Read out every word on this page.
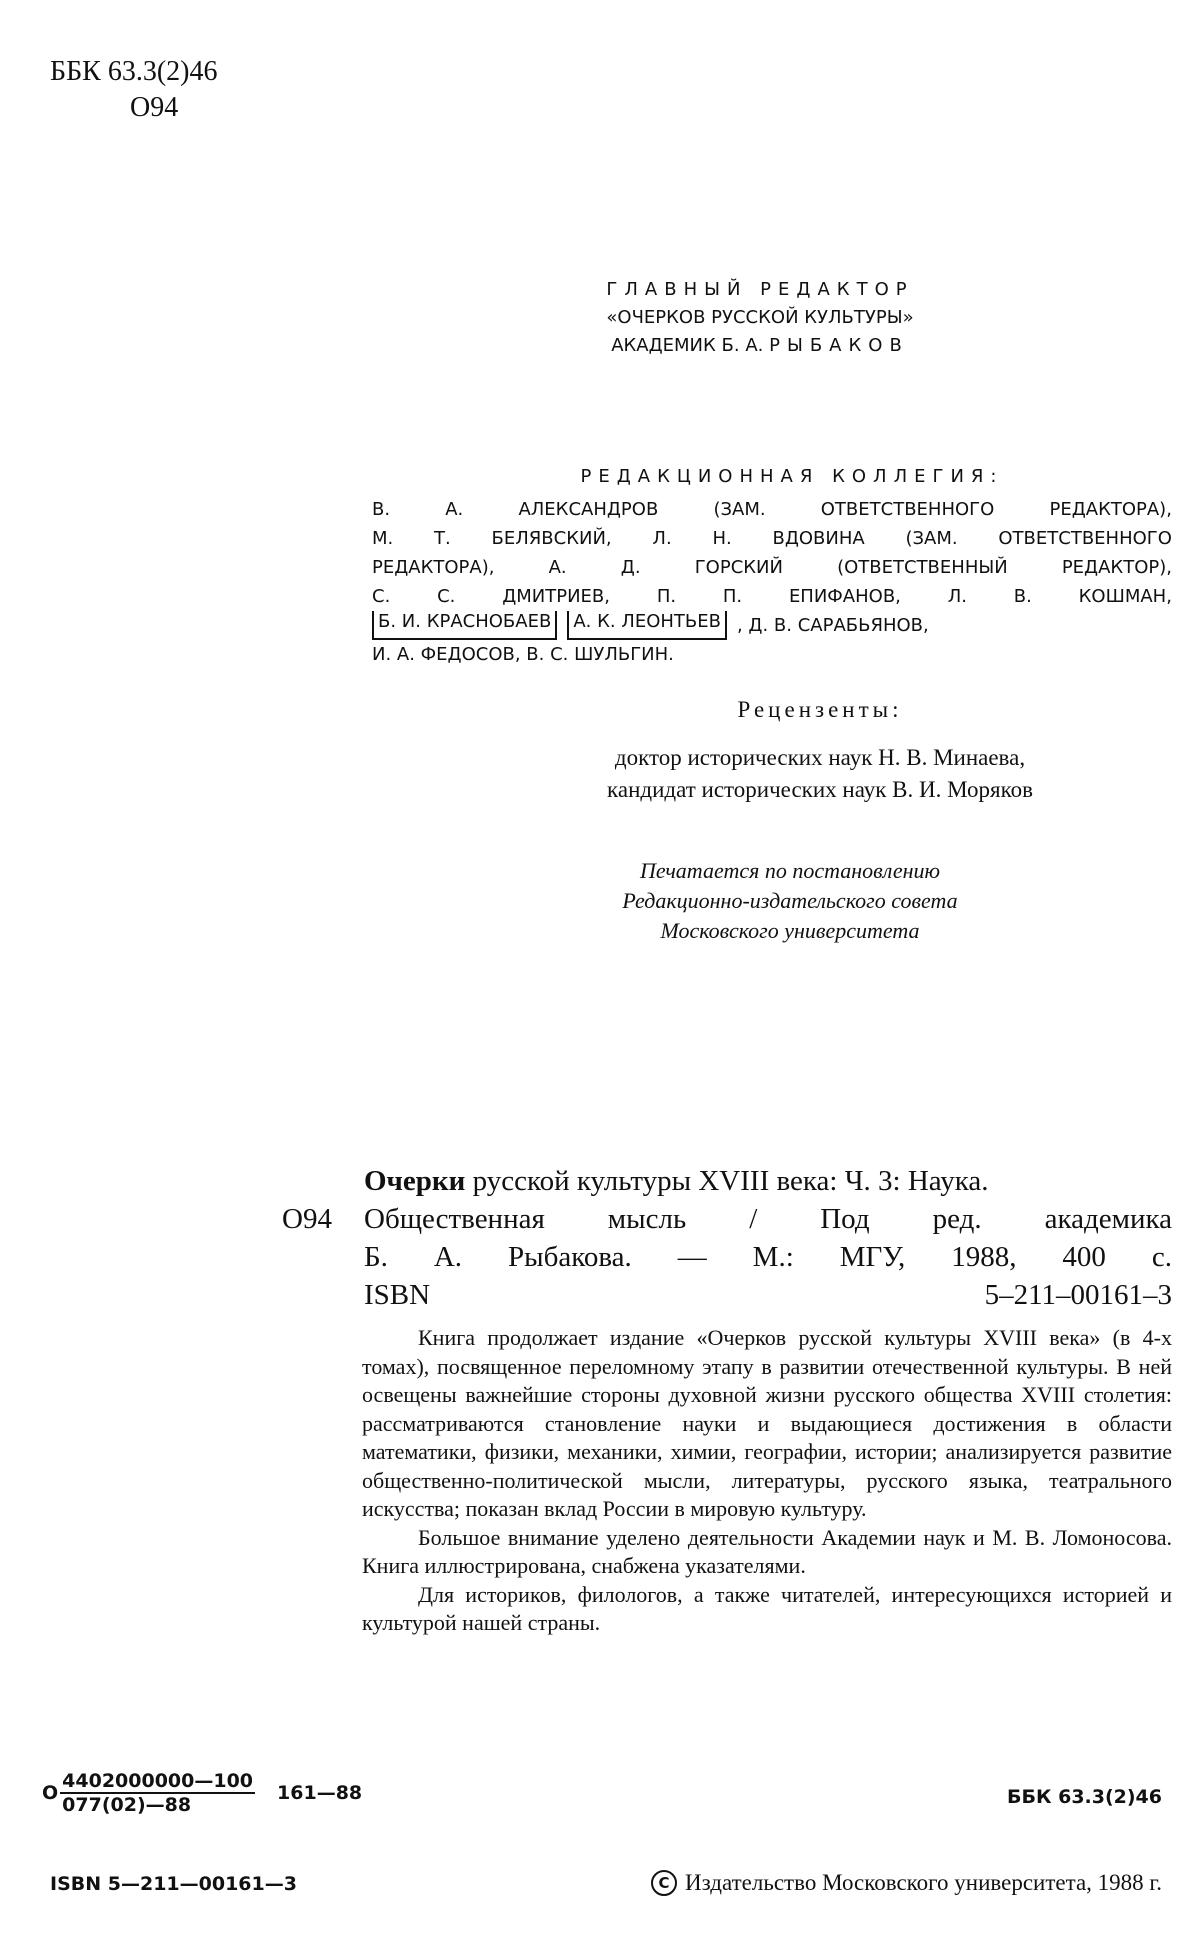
ББК 63.3(2)46
О94
ГЛАВНЫЙ РЕДАКТОР
«ОЧЕРКОВ РУССКОЙ КУЛЬТУРЫ»
АКАДЕМИК Б. А. РЫБАКОВ
РЕДАКЦИОННАЯ КОЛЛЕГИЯ:
В.	А.	АЛЕКСАНДРОВ	(ЗАМ.	ОТВЕТСТВЕННОГО	РЕДАКТОРА),
М. Т. БЕЛЯВСКИЙ, Л. Н. ВДОВИНА (ЗАМ. ОТВЕТСТВЕННОГО
РЕДАКТОРА),	А.	Д.	ГОРСКИЙ	(ОТВЕТСТВЕННЫЙ	РЕДАКТОР),
С.	С.	ДМИТРИЕВ,	П.	П.	ЕПИФАНОВ,	Л.	В.	КОШМАН,
Б. И. КРАСНОБАЕВ	А. К. ЛЕОНТЬЕВ , Д. В. САРАБЬЯНОВ,
И. А. ФЕДОСОВ, В. С. ШУЛЬГИН.
Рецензенты:
доктор исторических наук Н. В. Минаева,
кандидат исторических наук В. И. Моряков
Печатается по постановлению
Редакционно-издательского совета
Московского университета
Очерки русской культуры XVIII века: Ч. 3: Наука.
О94	Общественная мысль / Под ред. академика
Б. А. Рыбакова. — М.: МГУ, 1988, 400 с.
ISBN	5–211–00161–3

Книга продолжает издание «Очерков русской культуры XVIII века» (в 4-х томах), посвященное переломному этапу в развитии отечественной культуры. В ней освещены важнейшие стороны духовной жизни русского общества XVIII столетия: рассматриваются становление науки и выдающиеся достижения в области математики, физики, механики, химии, географии, истории; анализируется развитие общественно-политической мысли, литературы, русского языка, театрального искусства; показан вклад России в мировую культуру.

Большое внимание уделено деятельности Академии наук и М. В. Ломоносова. Книга иллюстрирована, снабжена указателями.

Для историков, филологов, а также читателей, интересующихся историей и культурой нашей страны.

О $\frac{4402000000—100}{077(02)—88}$ 161—88	ББК 63.3(2)46
ISBN 5—211—00161—3	C Издательство Московского университета, 1988 г.
